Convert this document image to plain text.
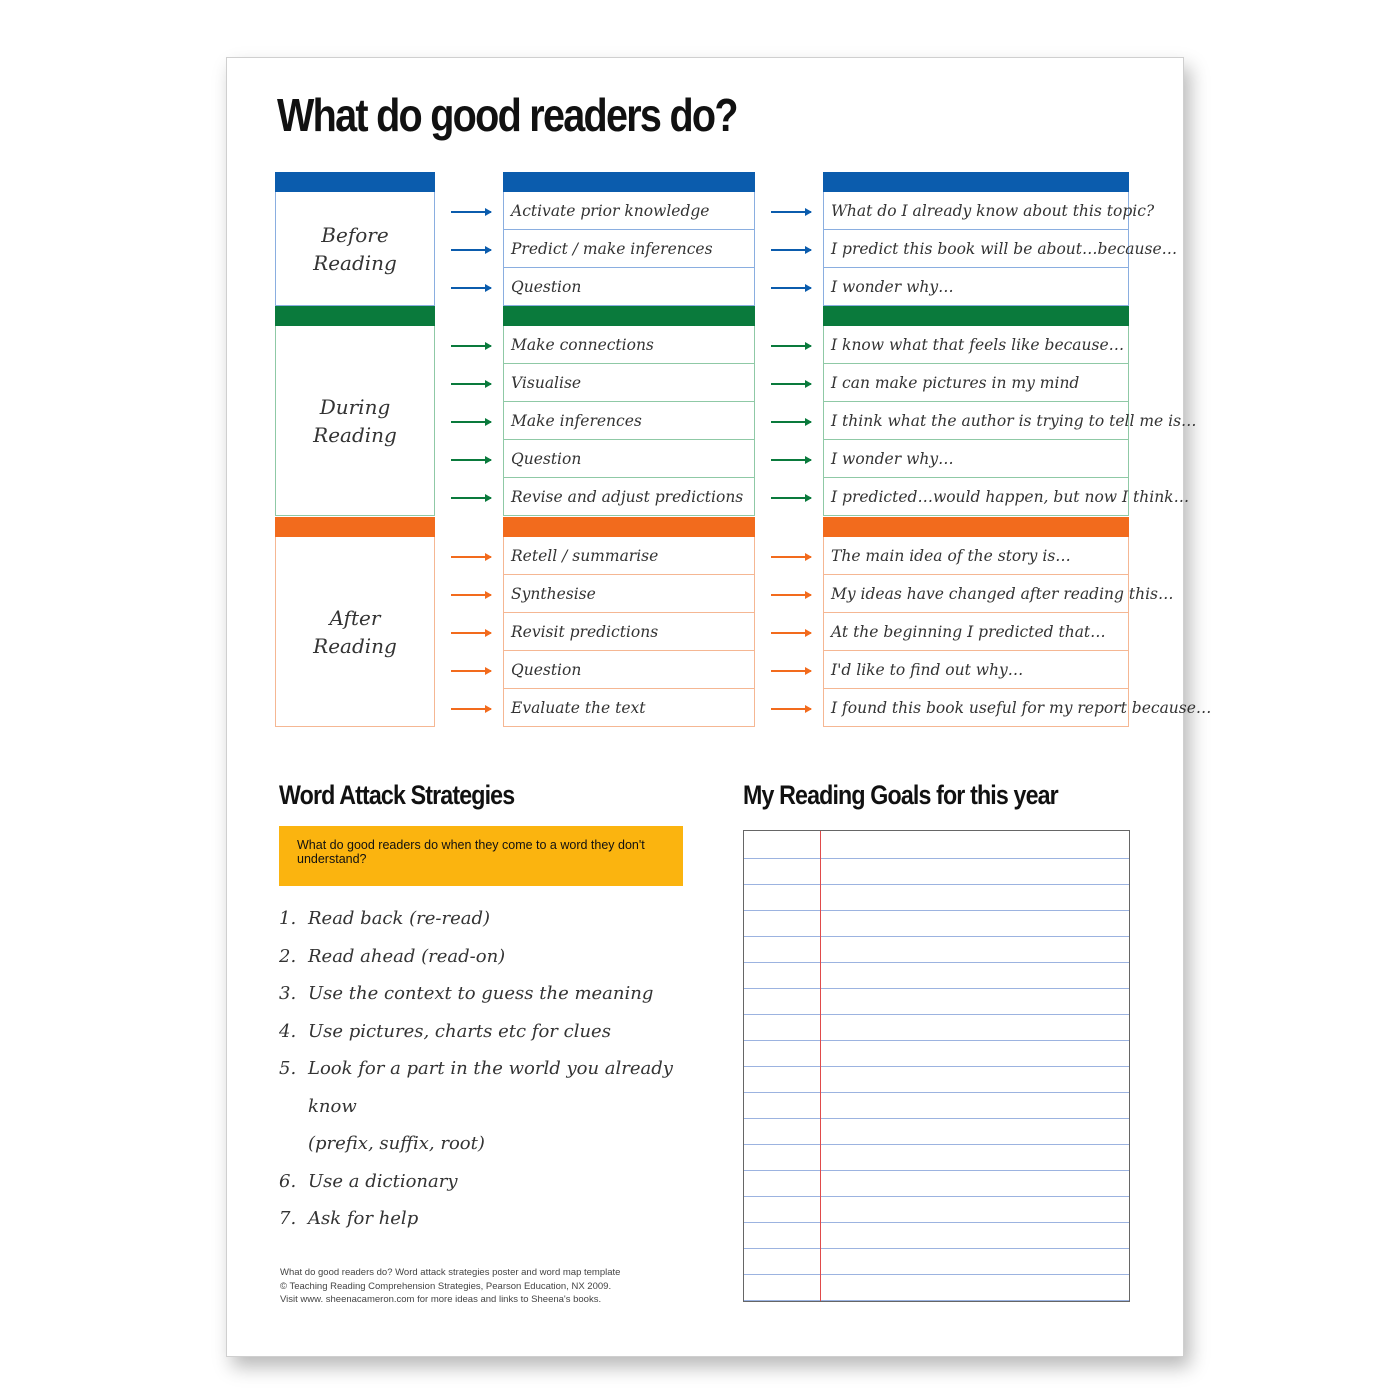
What do good readers do?
Before
Reading
Activate prior knowledge
Predict / make inferences
Question
What do I already know about this topic?
I predict this book will be about…because…
I wonder why…
During
Reading
Make connections
Visualise
Make inferences
Question
Revise and adjust predictions
I know what that feels like because…
I can make pictures in my mind
I think what the author is trying to tell me is…
I wonder why…
I predicted…would happen, but now I think…
After
Reading
Retell / summarise
Synthesise
Revisit predictions
Question
Evaluate the text
The main idea of the story is…
My ideas have changed after reading this…
At the beginning I predicted that…
I'd like to find out why…
I found this book useful for my report because…
Word Attack Strategies
What do good readers do when they come to a word they don't understand?
1. Read back (re-read)
2. Read ahead (read-on)
3. Use the context to guess the meaning
4. Use pictures, charts etc for clues
5. Look for a part in the world you already know
(prefix, suffix, root)
6. Use a dictionary
7. Ask for help
My Reading Goals for this year
What do good readers do? Word attack strategies poster and word map template
© Teaching Reading Comprehension Strategies, Pearson Education, NX 2009.
Visit www. sheenacameron.com for more ideas and links to Sheena's books.
